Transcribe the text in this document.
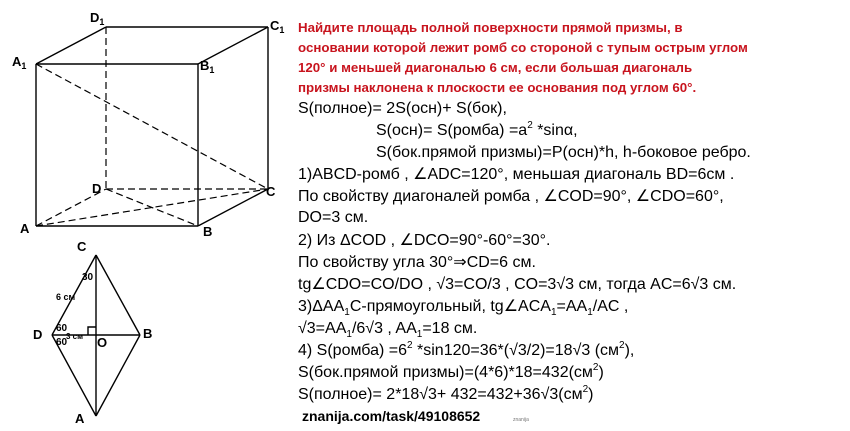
$D_1$	$C_1$
$A_1$	$B_1$
D	C
A	B
C
D	B
O
A
30
6 см
60
60
3 см
Найдите площадь полной поверхности прямой призмы, в
основании которой лежит ромб со стороной с тупым острым углом
120° и меньшей диагональю 6 см, если большая диагональ
призмы наклонена к плоскости ее основания под углом 60°.
S(полное)= 2S(осн)+ S(бок),
S(осн)= S(ромба) $=a^2$ *sinα,
S(бок.прямой призмы)=P(осн)*h, h-боковое ребро.
1)ABCD-ромб , ∠ADC=120°, меньшая диагональ BD=6см .
По свойству диагоналей ромба , ∠COD=90°, ∠CDO=60°,
DO=3 см.
2) Из ΔCOD , ∠DCO=90°-60°=30°.
По свойству угла 30°⇒CD=6 см.
tg∠CDO=CO/DO , √3=CO/3 , CO=3√3 см, тогда AC=6√3 см.
$3)\Delta AA_1C$-прямоугольный, $tg\angle ACA_1=AA_1/AC$ ,
$√3=AA_1/6√3$ , $AA_1=18$ см.
4) S(ромба) $=6^2$ *sin120=36*(√3/2)=18√3 $(см^2)$,
S(бок.прямой $призмы)=(4*6)*18=432(см^2)$
S(полное)= $2*18√3+ 432=432+36√3(см^2)$
znanija.com/task/49108652	znanija
